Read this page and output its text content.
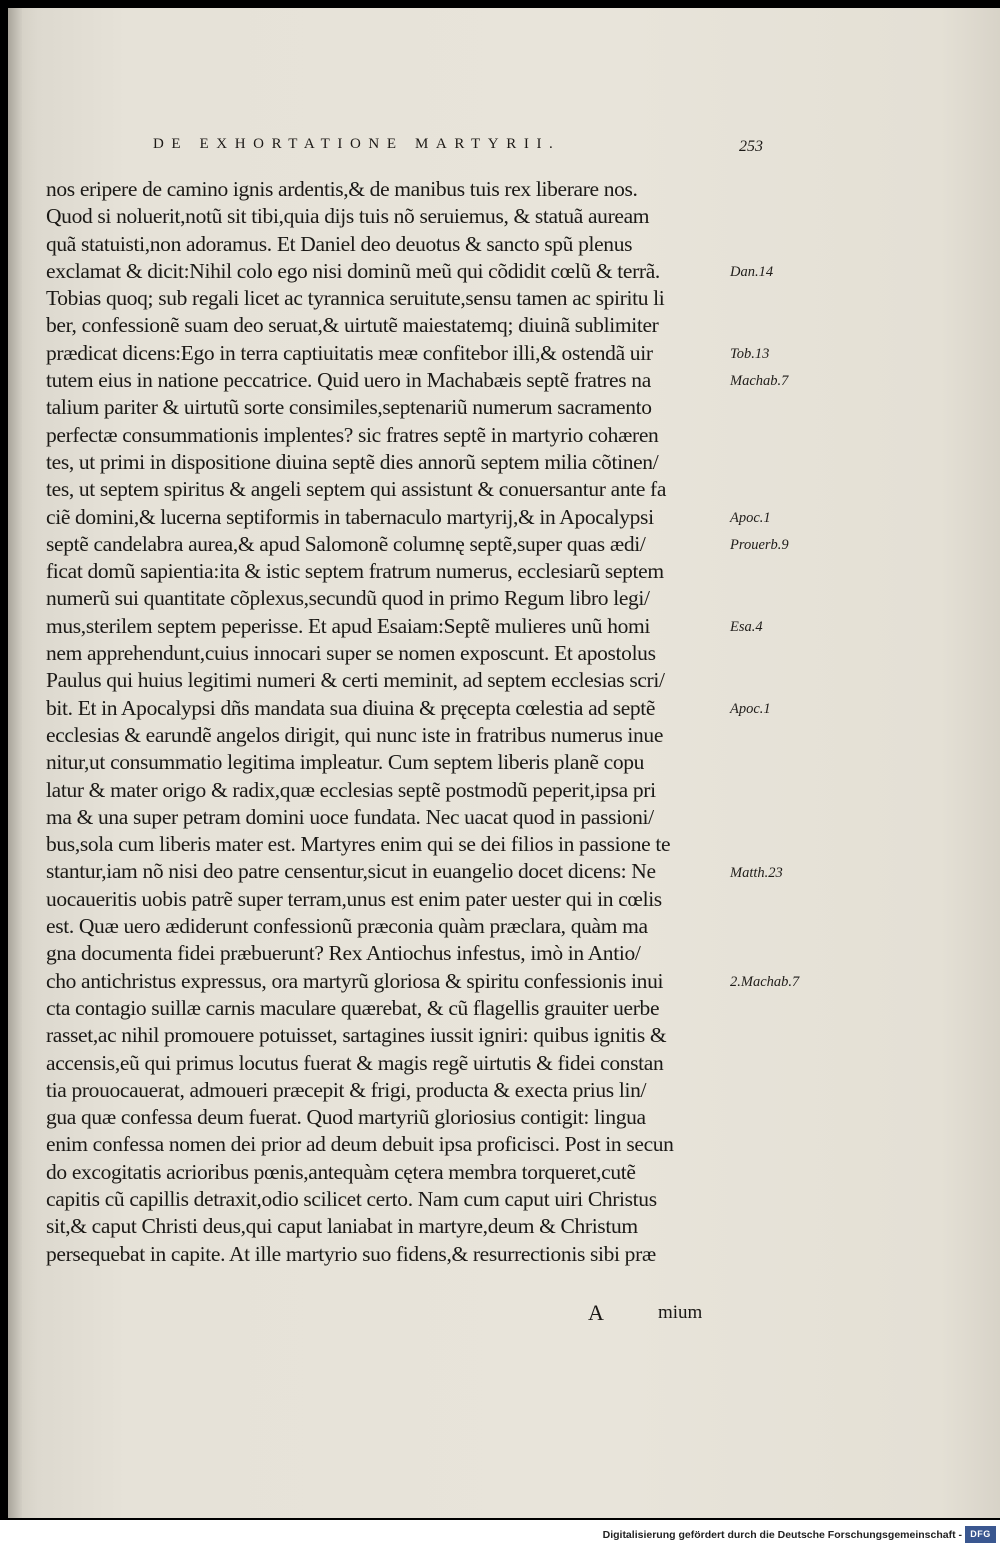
DE EXHORTATIONE MARTYRII.	253
nos eripere de camino ignis ardentis,& de manibus tuis rex liberare nos.
Quod si noluerit,notũ sit tibi,quia dijs tuis nõ seruiemus, & statuã auream
quã statuisti,non adoramus. Et Daniel deo deuotus & sancto spũ plenus
exclamat & dicit:Nihil colo ego nisi dominũ meũ qui cõdidit cœlũ & terrã.
Tobias quoq; sub regali licet ac tyrannica seruitute,sensu tamen ac spiritu li
ber, confessionẽ suam deo seruat,& uirtutẽ maiestatemq; diuinã sublimiter
prædicat dicens:Ego in terra captiuitatis meæ confitebor illi,& ostendã uir
tutem eius in natione peccatrice. Quid uero in Machabæis septẽ fratres na
talium pariter & uirtutũ sorte consimiles,septenariũ numerum sacramento
perfectæ consummationis implentes? sic fratres septẽ in martyrio cohæren
tes, ut primi in dispositione diuina septẽ dies annorũ septem milia cõtinen/
tes, ut septem spiritus & angeli septem qui assistunt & conuersantur ante fa
ciẽ domini,& lucerna septiformis in tabernaculo martyrij,& in Apocalypsi
septẽ candelabra aurea,& apud Salomonẽ columnę septẽ,super quas ædi/
ficat domũ sapientia:ita & istic septem fratrum numerus, ecclesiarũ septem
numerũ sui quantitate cõplexus,secundũ quod in primo Regum libro legi/
mus,sterilem septem peperisse. Et apud Esaiam:Septẽ mulieres unũ homi
nem apprehendunt,cuius innocari super se nomen exposcunt. Et apostolus
Paulus qui huius legitimi numeri & certi meminit, ad septem ecclesias scri/
bit. Et in Apocalypsi dñs mandata sua diuina & pręcepta cœlestia ad septẽ
ecclesias & earundẽ angelos dirigit, qui nunc iste in fratribus numerus inue
nitur,ut consummatio legitima impleatur. Cum septem liberis planẽ copu
latur & mater origo & radix,quæ ecclesias septẽ postmodũ peperit,ipsa pri
ma & una super petram domini uoce fundata. Nec uacat quod in passioni/
bus,sola cum liberis mater est. Martyres enim qui se dei filios in passione te
stantur,iam nõ nisi deo patre censentur,sicut in euangelio docet dicens: Ne
uocaueritis uobis patrẽ super terram,unus est enim pater uester qui in cœlis
est. Quæ uero ædiderunt confessionũ præconia quàm præclara, quàm ma
gna documenta fidei præbuerunt? Rex Antiochus infestus, imò in Antio/
cho antichristus expressus, ora martyrũ gloriosa & spiritu confessionis inui
cta contagio suillæ carnis maculare quærebat, & cũ flagellis grauiter uerbe
rasset,ac nihil promouere potuisset, sartagines iussit igniri: quibus ignitis &
accensis,eũ qui primus locutus fuerat & magis regẽ uirtutis & fidei constan
tia prouocauerat, admoueri præcepit & frigi, producta & execta prius lin/
gua quæ confessa deum fuerat. Quod martyriũ gloriosius contigit: lingua
enim confessa nomen dei prior ad deum debuit ipsa proficisci. Post in secun
do excogitatis acrioribus pœnis,antequàm cętera membra torqueret,cutẽ
capitis cũ capillis detraxit,odio scilicet certo. Nam cum caput uiri Christus
sit,& caput Christi deus,qui caput laniabat in martyre,deum & Christum
persequebat in capite. At ille martyrio suo fidens,& resurrectionis sibi præ
Dan.14
Tob.13
Machab.7
Apoc.1
Prouerb.9
Esa.4
Apoc.1
Matth.23
2.Machab.7
A	mium
Digitalisierung gefördert durch die Deutsche Forschungsgemeinschaft - DFG
